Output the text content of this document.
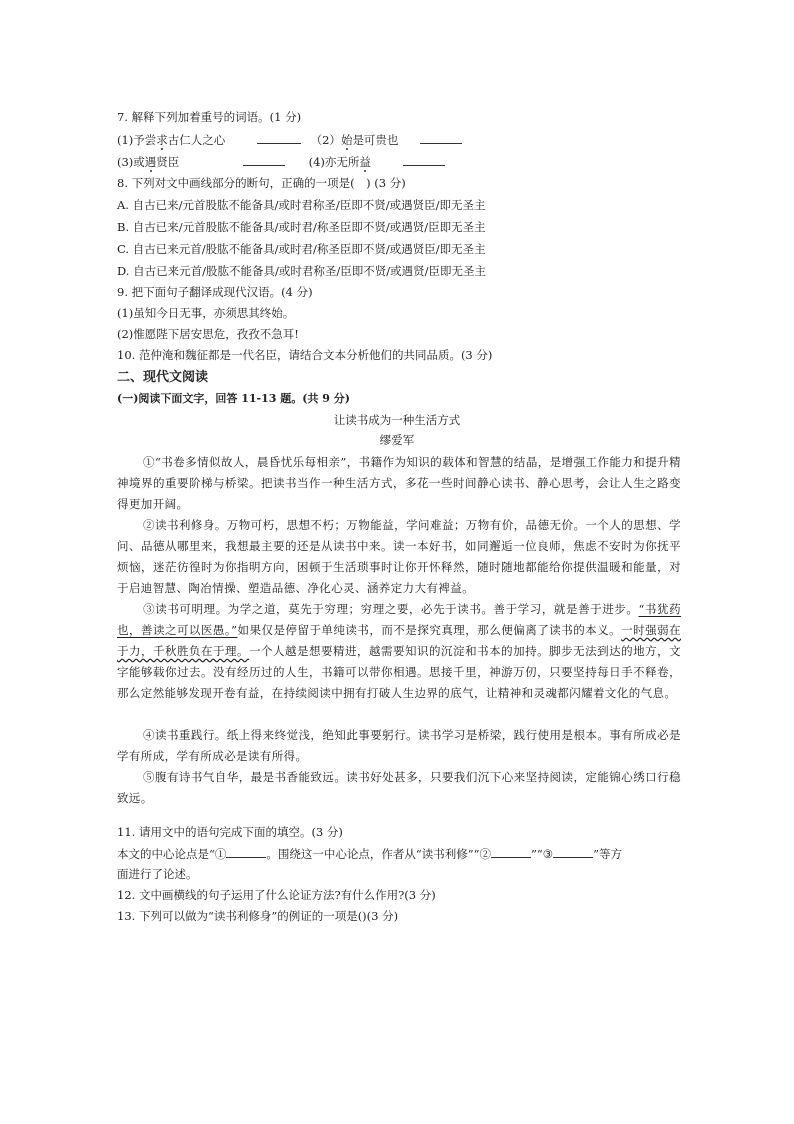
7. 解释下列加着重号的词语。(1 分)
(1)予尝求古仁人之心	（2）始是可贵也
(3)或遇贤臣	(4)亦无所益
8. 下列对文中画线部分的断句，正确的一项是(　) (3 分)
A. 自古已来/元首股肱不能备具/或时君称圣/臣即不贤/或遇贤臣/即无圣主
B. 自古已来/元首股肱不能备具/或时君/称圣臣即不贤/或遇贤/臣即无圣主
C. 自古已来元首/股肱不能备具/或时君/称圣臣即不贤/或遇贤臣/即无圣主
D. 自古已来元首/股肱不能备具/或时君称圣/臣即不贤/或遇贤/臣即无圣主
9. 把下面句子翻译成现代汉语。(4 分)
(1)虽知今日无事，亦须思其终始。
(2)惟愿陛下居安思危，孜孜不急耳!
10. 范仲淹和魏征都是一代名臣，请结合文本分析他们的共同品质。(3 分)
二、现代文阅读
(一)阅读下面文字，回答 11-13 题。(共 9 分)
让读书成为一种生活方式
缪爱军
①“书卷多情似故人，晨昏忧乐每相亲”，书籍作为知识的载体和智慧的结晶，是增强工作能力和提升精神境界的重要阶梯与桥梁。把读书当作一种生活方式，多花一些时间静心读书、静心思考，会让人生之路变得更加开阔。
②读书利修身。万物可朽，思想不朽；万物能益，学问难益；万物有价，品德无价。一个人的思想、学问、品德从哪里来，我想最主要的还是从读书中来。读一本好书，如同邂逅一位良师，焦虑不安时为你抚平烦恼，迷茫彷徨时为你指明方向，困顿于生活琐事时让你开怀释然，随时随地都能给你提供温暖和能量，对于启迪智慧、陶冶情操、塑造品德、净化心灵、涵养定力大有裨益。
③读书可明理。为学之道，莫先于穷理；穷理之要，必先于读书。善于学习，就是善于进步。“书犹药也，善读之可以医愚。”如果仅是停留于单纯读书，而不是探究真理，那么便偏离了读书的本义。一时强弱在于力，千秋胜负在于理。一个人越是想要精进，越需要知识的沉淀和书本的加持。脚步无法到达的地方，文字能够载你过去。没有经历过的人生，书籍可以带你相遇。思接千里，神游万仞，只要坚持每日手不释卷，那么定然能够发现开卷有益，在持续阅读中拥有打破人生边界的底气，让精神和灵魂都闪耀着文化的气息。
④读书重践行。纸上得来终觉浅，绝知此事要躬行。读书学习是桥梁，践行使用是根本。事有所成必是学有所成，学有所成必是读有所得。
⑤腹有诗书气自华，最是书香能致远。读书好处甚多，只要我们沉下心来坚持阅读，定能锦心绣口行稳致远。
11. 请用文中的语句完成下面的填空。(3 分)
本文的中心论点是“①	。围绕这一中心论点，作者从“读书利修”“②	”“③	”等方
面进行了论述。
12. 文中画横线的句子运用了什么论证方法?有什么作用?(3 分)
13. 下列可以做为“读书利修身”的例证的一项是()(3 分)
